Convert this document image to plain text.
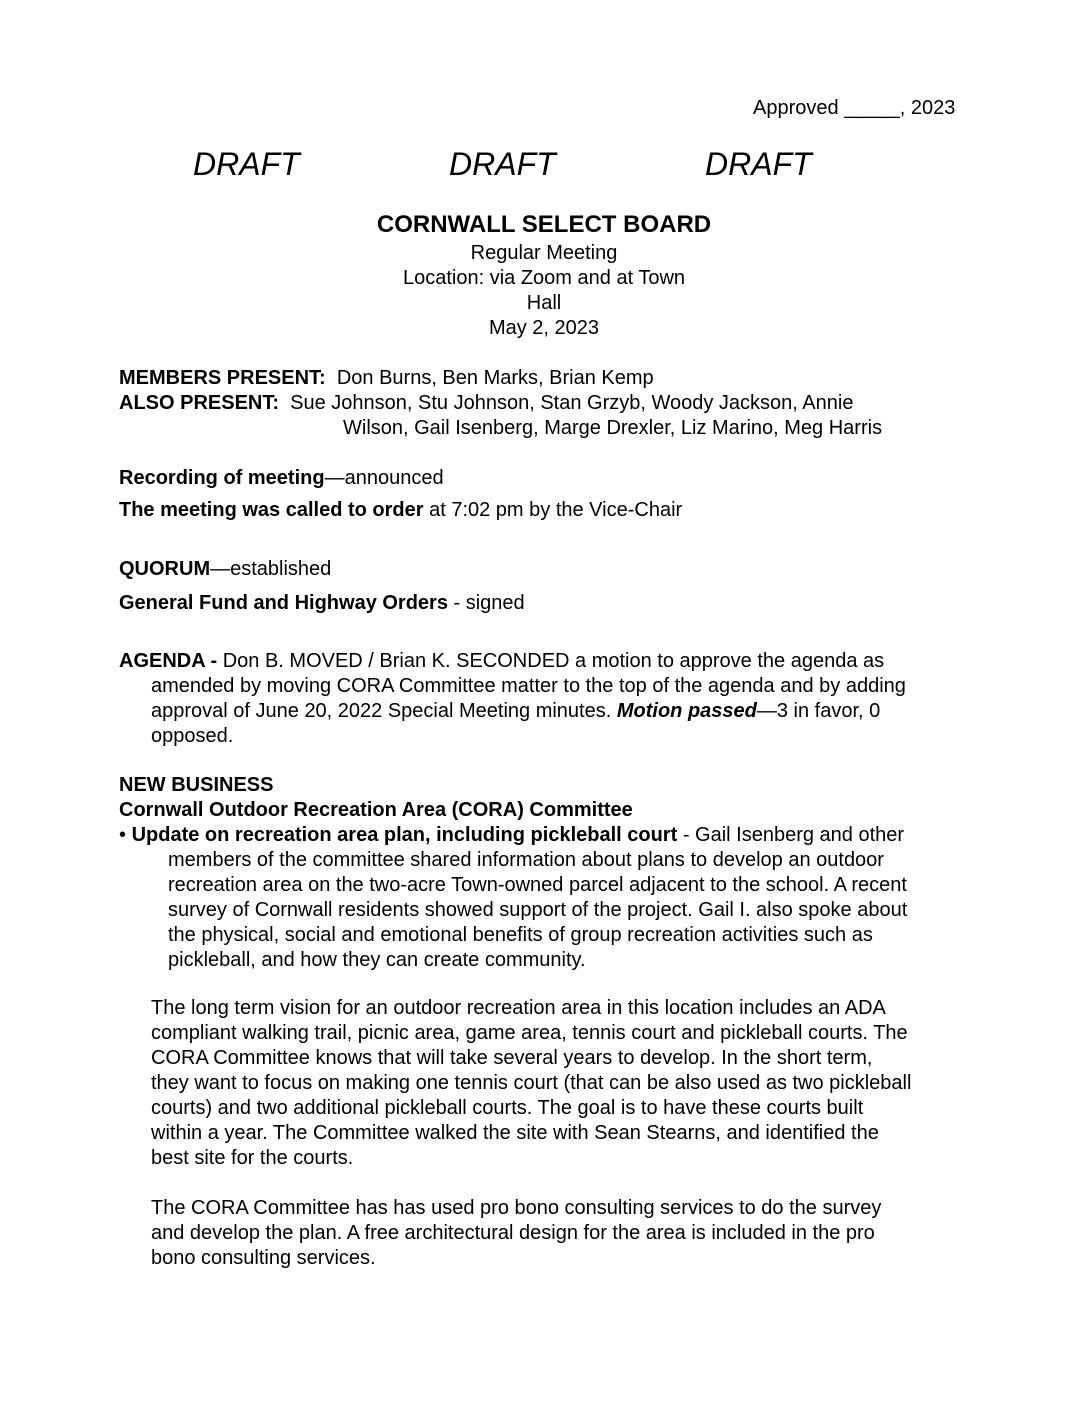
Approved _____, 2023
DRAFT	DRAFT	DRAFT
CORNWALL SELECT BOARD
Regular Meeting
Location: via Zoom and at Town
Hall
May 2, 2023
MEMBERS PRESENT: Don Burns, Ben Marks, Brian Kemp
ALSO PRESENT: Sue Johnson, Stu Johnson, Stan Grzyb, Woody Jackson, Annie
Wilson, Gail Isenberg, Marge Drexler, Liz Marino, Meg Harris
Recording of meeting—announced
The meeting was called to order at 7:02 pm by the Vice-Chair
QUORUM—established
General Fund and Highway Orders - signed
AGENDA - Don B. MOVED / Brian K. SECONDED a motion to approve the agenda as
amended by moving CORA Committee matter to the top of the agenda and by adding
approval of June 20, 2022 Special Meeting minutes. Motion passed—3 in favor, 0
opposed.
NEW BUSINESS
Cornwall Outdoor Recreation Area (CORA) Committee
• Update on recreation area plan, including pickleball court - Gail Isenberg and other
members of the committee shared information about plans to develop an outdoor
recreation area on the two-acre Town-owned parcel adjacent to the school. A recent
survey of Cornwall residents showed support of the project. Gail I. also spoke about
the physical, social and emotional benefits of group recreation activities such as
pickleball, and how they can create community.
The long term vision for an outdoor recreation area in this location includes an ADA
compliant walking trail, picnic area, game area, tennis court and pickleball courts. The
CORA Committee knows that will take several years to develop. In the short term,
they want to focus on making one tennis court (that can be also used as two pickleball
courts) and two additional pickleball courts. The goal is to have these courts built
within a year. The Committee walked the site with Sean Stearns, and identified the
best site for the courts.
The CORA Committee has has used pro bono consulting services to do the survey
and develop the plan. A free architectural design for the area is included in the pro
bono consulting services.
